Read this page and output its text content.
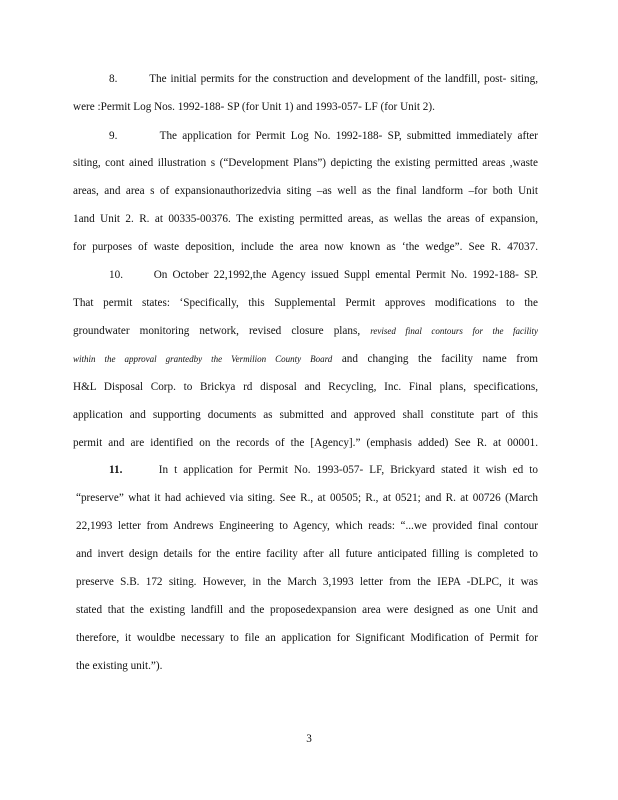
8.	The initial permits for the construction and development of the landfill, post- siting,
were :Permit Log Nos. 1992-188- SP (for Unit 1) and 1993-057- LF (for Unit 2).
9.	The application for Permit Log No. 1992-188- SP, submitted immediately after
siting, cont ained illustration s (“Development Plans”) depicting the existing permitted areas ,waste
areas, and area s of expansionauthorizedvia siting –as well as the final landform –for both Unit
1and Unit 2. R. at 00335-00376. The existing permitted areas, as wellas the areas of expansion,
for purposes of waste deposition, include the area now known as ‘the wedge”. See R. 47037.
10.	On October 22,1992,the Agency issued Suppl emental Permit No. 1992-188- SP.
That permit states: ‘Specifically, this Supplemental Permit approves modifications to the
groundwater monitoring network, revised closure plans, revised final contours for the facility
within the approval grantedby the Vermilion County Board and changing the facility name from
H&L Disposal Corp. to Brickya rd disposal and Recycling, Inc. Final plans, specifications,
application and supporting documents as submitted and approved shall constitute part of this
permit and are identified on the records of the [Agency].” (emphasis added) See R. at 00001.
11.	In t application for Permit No. 1993-057- LF, Brickyard stated it wish ed to
“preserve” what it had achieved via siting. See R., at 00505; R., at 0521; and R. at 00726 (March
22,1993 letter from Andrews Engineering to Agency, which reads: “...we provided final contour
and invert design details for the entire facility after all future anticipated filling is completed to
preserve S.B. 172 siting. However, in the March 3,1993 letter from the IEPA -DLPC, it was
stated that the existing landfill and the proposedexpansion area were designed as one Unit and
therefore, it wouldbe necessary to file an application for Significant Modification of Permit for
the existing unit.”).
3
